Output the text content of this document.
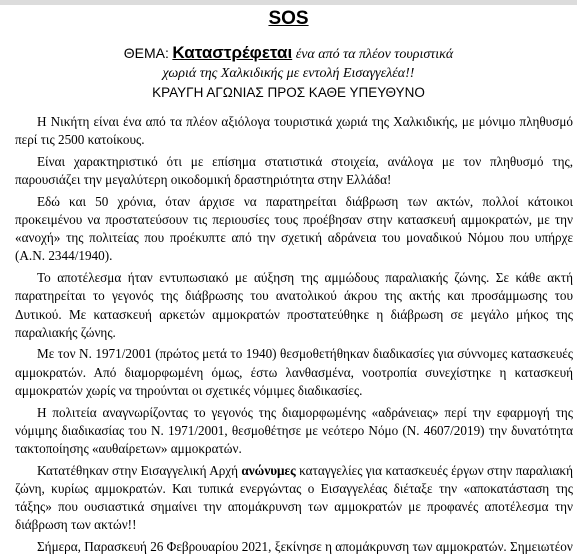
SOS
ΘΕΜΑ: Καταστρέφεται ένα από τα πλέον τουριστικά
χωριά της Χαλκιδικής με εντολή Εισαγγελέα!!
ΚΡΑΥΓΗ ΑΓΩΝΙΑΣ ΠΡΟΣ ΚΑΘΕ ΥΠΕΥΘΥΝΟ

Η Νικήτη είναι ένα από τα πλέον αξιόλογα τουριστικά χωριά της Χαλκιδικής, με μόνιμο πληθυσμό περί τις 2500 κατοίκους.

Είναι χαρακτηριστικό ότι με επίσημα στατιστικά στοιχεία, ανάλογα με τον πληθυσμό της, παρουσιάζει την μεγαλύτερη οικοδομική δραστηριότητα στην Ελλάδα!

Εδώ και 50 χρόνια, όταν άρχισε να παρατηρείται διάβρωση των ακτών, πολλοί κάτοικοι προκειμένου να προστατεύσουν τις περιουσίες τους προέβησαν στην κατασκευή αμμοκρατών, με την «ανοχή» της πολιτείας που προέκυπτε από την σχετική αδράνεια του μοναδικού Νόμου που υπήρχε (Α.Ν. 2344/1940).

Το αποτέλεσμα ήταν εντυπωσιακό με αύξηση της αμμώδους παραλιακής ζώνης. Σε κάθε ακτή παρατηρείται το γεγονός της διάβρωσης του ανατολικού άκρου της ακτής και προσάμμωσης του Δυτικού. Με κατασκευή αρκετών αμμοκρατών προστατεύθηκε η διάβρωση σε μεγάλο μήκος της παραλιακής ζώνης.

Με τον Ν. 1971/2001 (πρώτος μετά το 1940) θεσμοθετήθηκαν διαδικασίες για σύννομες κατασκευές αμμοκρατών. Από διαμορφωμένη όμως, έστω λανθασμένα, νοοτροπία συνεχίστηκε η κατασκευή αμμοκρατών χωρίς να τηρούνται οι σχετικές νόμιμες διαδικασίες.

Η πολιτεία αναγνωρίζοντας το γεγονός της διαμορφωμένης «αδράνειας» περί την εφαρμογή της νόμιμης διαδικασίας του Ν. 1971/2001, θεσμοθέτησε με νεότερο Νόμο (Ν. 4607/2019) την δυνατότητα τακτοποίησης «αυθαίρετων» αμμοκρατών.

Κατατέθηκαν στην Εισαγγελική Αρχή ανώνυμες καταγγελίες για κατασκευές έργων στην παραλιακή ζώνη, κυρίως αμμοκρατών. Και τυπικά ενεργώντας ο Εισαγγελέας διέταξε την «αποκατάσταση της τάξης» που ουσιαστικά σημαίνει την απομάκρυνση των αμμοκρατών με προφανές αποτέλεσμα την διάβρωση των ακτών!!

Σήμερα, Παρασκευή 26 Φεβρουαρίου 2021, ξεκίνησε η απομάκρυνση των αμμοκρατών. Σημειωτέον
